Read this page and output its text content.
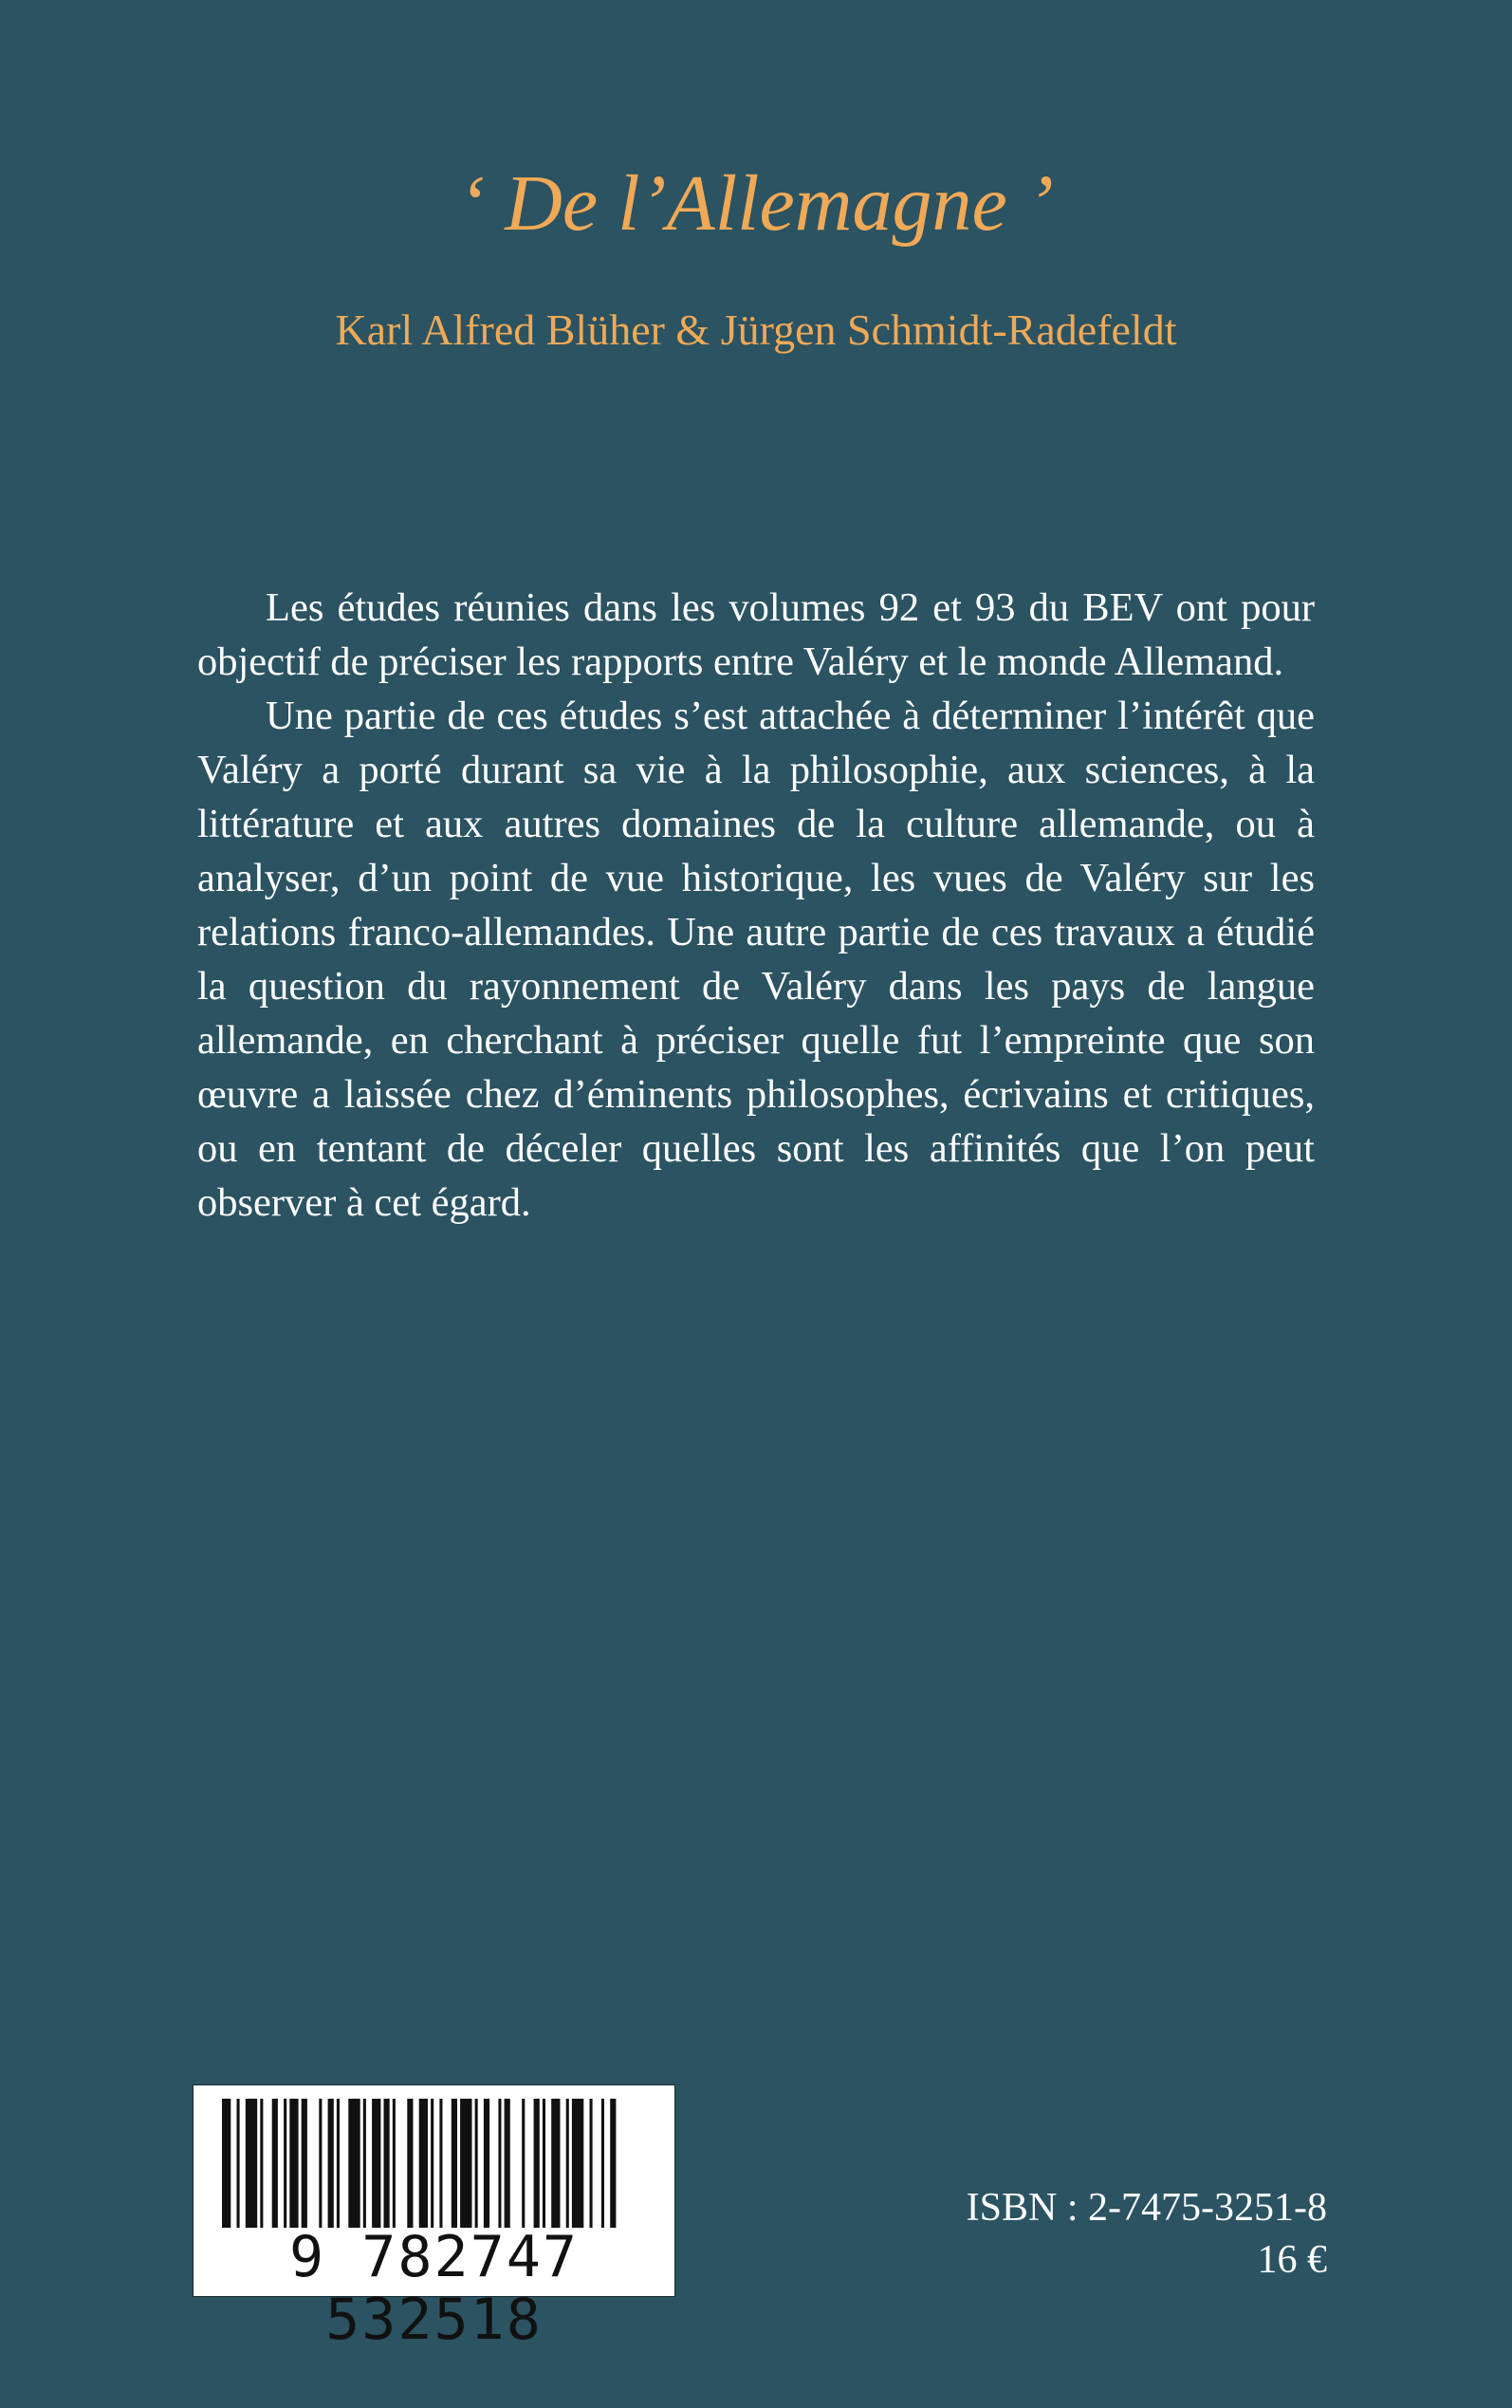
‘ De l’Allemagne ’
Karl Alfred Blüher & Jürgen Schmidt-Radefeldt

Les études réunies dans les volumes 92 et 93 du BEV ont pour objectif de préciser les rapports entre Valéry et le monde Allemand.

Une partie de ces études s’est attachée à déterminer l’intérêt que Valéry a porté durant sa vie à la philosophie, aux sciences, à la littérature et aux autres domaines de la culture allemande, ou à analyser, d’un point de vue historique, les vues de Valéry sur les relations franco-allemandes. Une autre partie de ces travaux a étudié la question du rayonnement de Valéry dans les pays de langue allemande, en cherchant à préciser quelle fut l’empreinte que son œuvre a laissée chez d’éminents philosophes, écrivains et critiques, ou en tentant de déceler quelles sont les affinités que l’on peut observer à cet égard.

9 782747 532518
ISBN : 2-7475-3251-8
16 €
